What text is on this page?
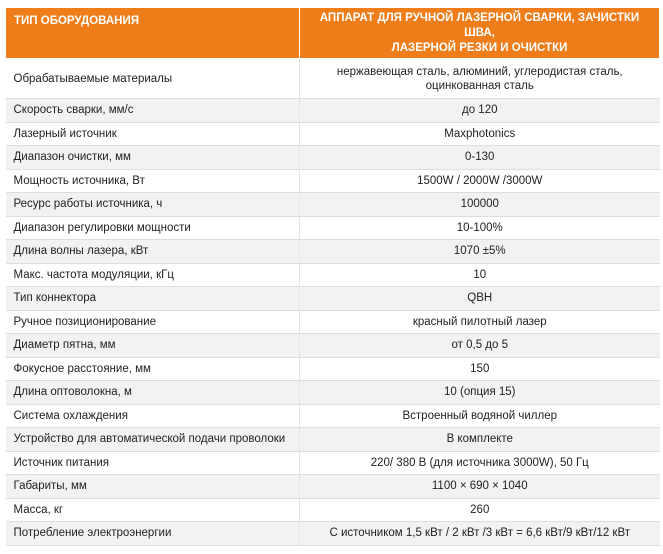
ТИП ОБОРУДОВАНИЯ	АППАРАТ ДЛЯ РУЧНОЙ ЛАЗЕРНОЙ СВАРКИ, ЗАЧИСТКИ ШВА,
ЛАЗЕРНОЙ РЕЗКИ И ОЧИСТКИ
Обрабатываемые материалы	нержавеющая сталь, алюминий, углеродистая сталь,
оцинкованная сталь
Скорость сварки, мм/с	до 120
Лазерный источник	Maxphotonics
Диапазон очистки, мм	0-130
Мощность источника, Вт	1500W / 2000W /3000W
Ресурс работы источника, ч	100000
Диапазон регулировки мощности	10-100%
Длина волны лазера, кВт	1070 ±5%
Макс. частота модуляции, кГц	10
Тип коннектора	QBH
Ручное позиционирование	красный пилотный лазер
Диаметр пятна, мм	от 0,5 до 5
Фокусное расстояние, мм	150
Длина оптоволокна, м	10 (опция 15)
Система охлаждения	Встроенный водяной чиллер
Устройство для автоматической подачи проволоки	В комплекте
Источник питания	220/ 380 В (для источника 3000W), 50 Гц
Габариты, мм	1100 × 690 × 1040
Масса, кг	260
Потребление электроэнергии	С источником 1,5 кВт / 2 кВт /3 кВт = 6,6 кВт/9 кВт/12 кВт
